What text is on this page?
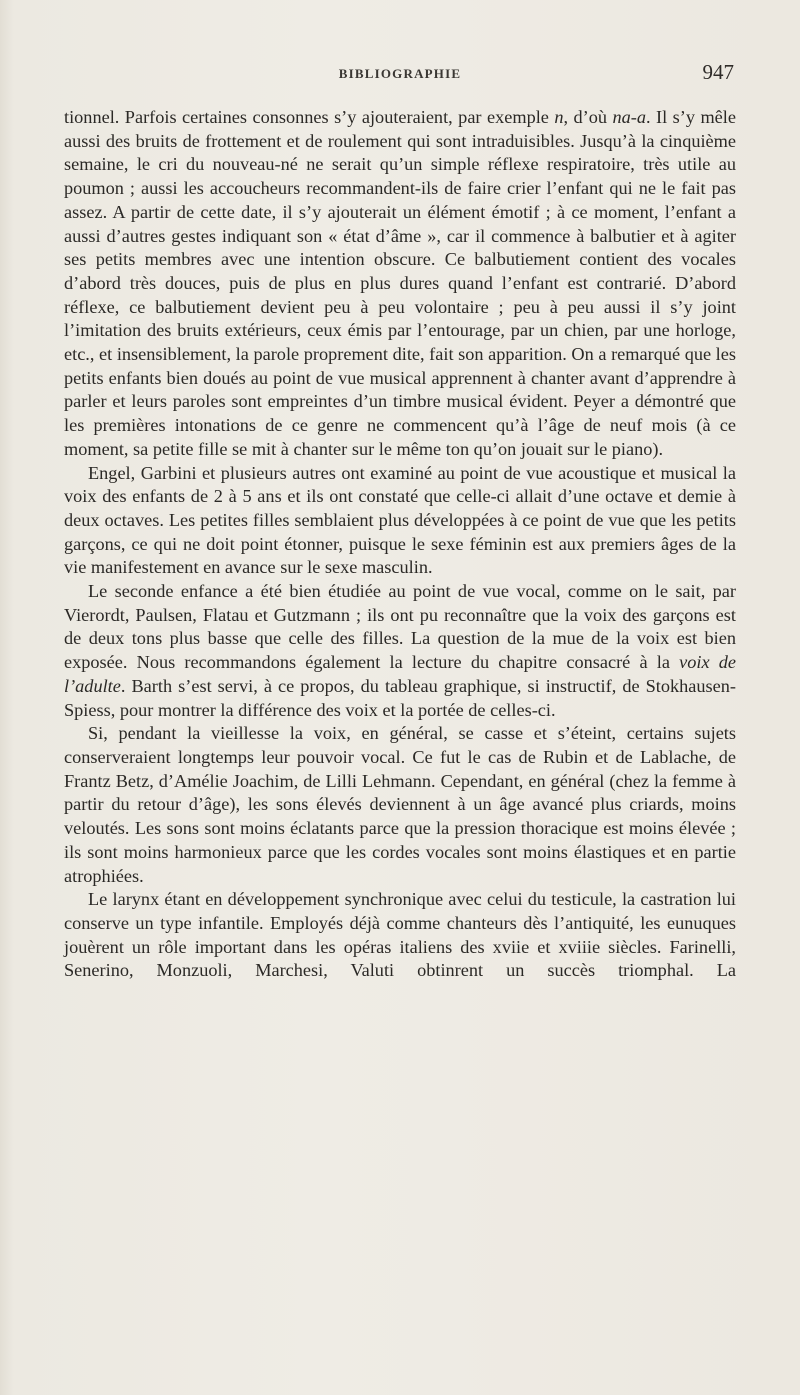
BIBLIOGRAPHIE	947

tionnel. Parfois certaines consonnes s’y ajouteraient, par exemple n, d’où na-a. Il s’y mêle aussi des bruits de frottement et de roulement qui sont intraduisibles. Jusqu’à la cinquième semaine, le cri du nouveau-né ne serait qu’un simple réflexe respiratoire, très utile au poumon ; aussi les accoucheurs recommandent-ils de faire crier l’enfant qui ne le fait pas assez. A partir de cette date, il s’y ajouterait un élément émotif ; à ce moment, l’enfant a aussi d’autres gestes indiquant son « état d’âme », car il commence à balbutier et à agiter ses petits membres avec une intention obscure. Ce balbutiement contient des vocales d’abord très douces, puis de plus en plus dures quand l’enfant est contrarié. D’abord réflexe, ce balbutiement devient peu à peu volontaire ; peu à peu aussi il s’y joint l’imitation des bruits extérieurs, ceux émis par l’entourage, par un chien, par une horloge, etc., et insensiblement, la parole proprement dite, fait son apparition. On a remarqué que les petits enfants bien doués au point de vue musical apprennent à chanter avant d’apprendre à parler et leurs paroles sont empreintes d’un timbre musical évident. Peyer a démontré que les premières intonations de ce genre ne commencent qu’à l’âge de neuf mois (à ce moment, sa petite fille se mit à chanter sur le même ton qu’on jouait sur le piano).

Engel, Garbini et plusieurs autres ont examiné au point de vue acoustique et musical la voix des enfants de 2 à 5 ans et ils ont constaté que celle-ci allait d’une octave et demie à deux octaves. Les petites filles semblaient plus développées à ce point de vue que les petits garçons, ce qui ne doit point étonner, puisque le sexe féminin est aux premiers âges de la vie manifestement en avance sur le sexe masculin.

Le seconde enfance a été bien étudiée au point de vue vocal, comme on le sait, par Vierordt, Paulsen, Flatau et Gutzmann ; ils ont pu reconnaître que la voix des garçons est de deux tons plus basse que celle des filles. La question de la mue de la voix est bien exposée. Nous recommandons également la lecture du chapitre consacré à la voix de l’adulte. Barth s’est servi, à ce propos, du tableau graphique, si instructif, de Stokhausen-Spiess, pour montrer la différence des voix et la portée de celles-ci.

Si, pendant la vieillesse la voix, en général, se casse et s’éteint, certains sujets conserveraient longtemps leur pouvoir vocal. Ce fut le cas de Rubin et de Lablache, de Frantz Betz, d’Amélie Joachim, de Lilli Lehmann. Cependant, en général (chez la femme à partir du retour d’âge), les sons élevés deviennent à un âge avancé plus criards, moins veloutés. Les sons sont moins éclatants parce que la pression thoracique est moins élevée ; ils sont moins harmonieux parce que les cordes vocales sont moins élastiques et en partie atrophiées.

Le larynx étant en développement synchronique avec celui du testicule, la castration lui conserve un type infantile. Employés déjà comme chanteurs dès l’antiquité, les eunuques jouèrent un rôle important dans les opéras italiens des xviie et xviiie siècles. Farinelli, Senerino, Monzuoli, Marchesi, Valuti obtinrent un succès triomphal. La
